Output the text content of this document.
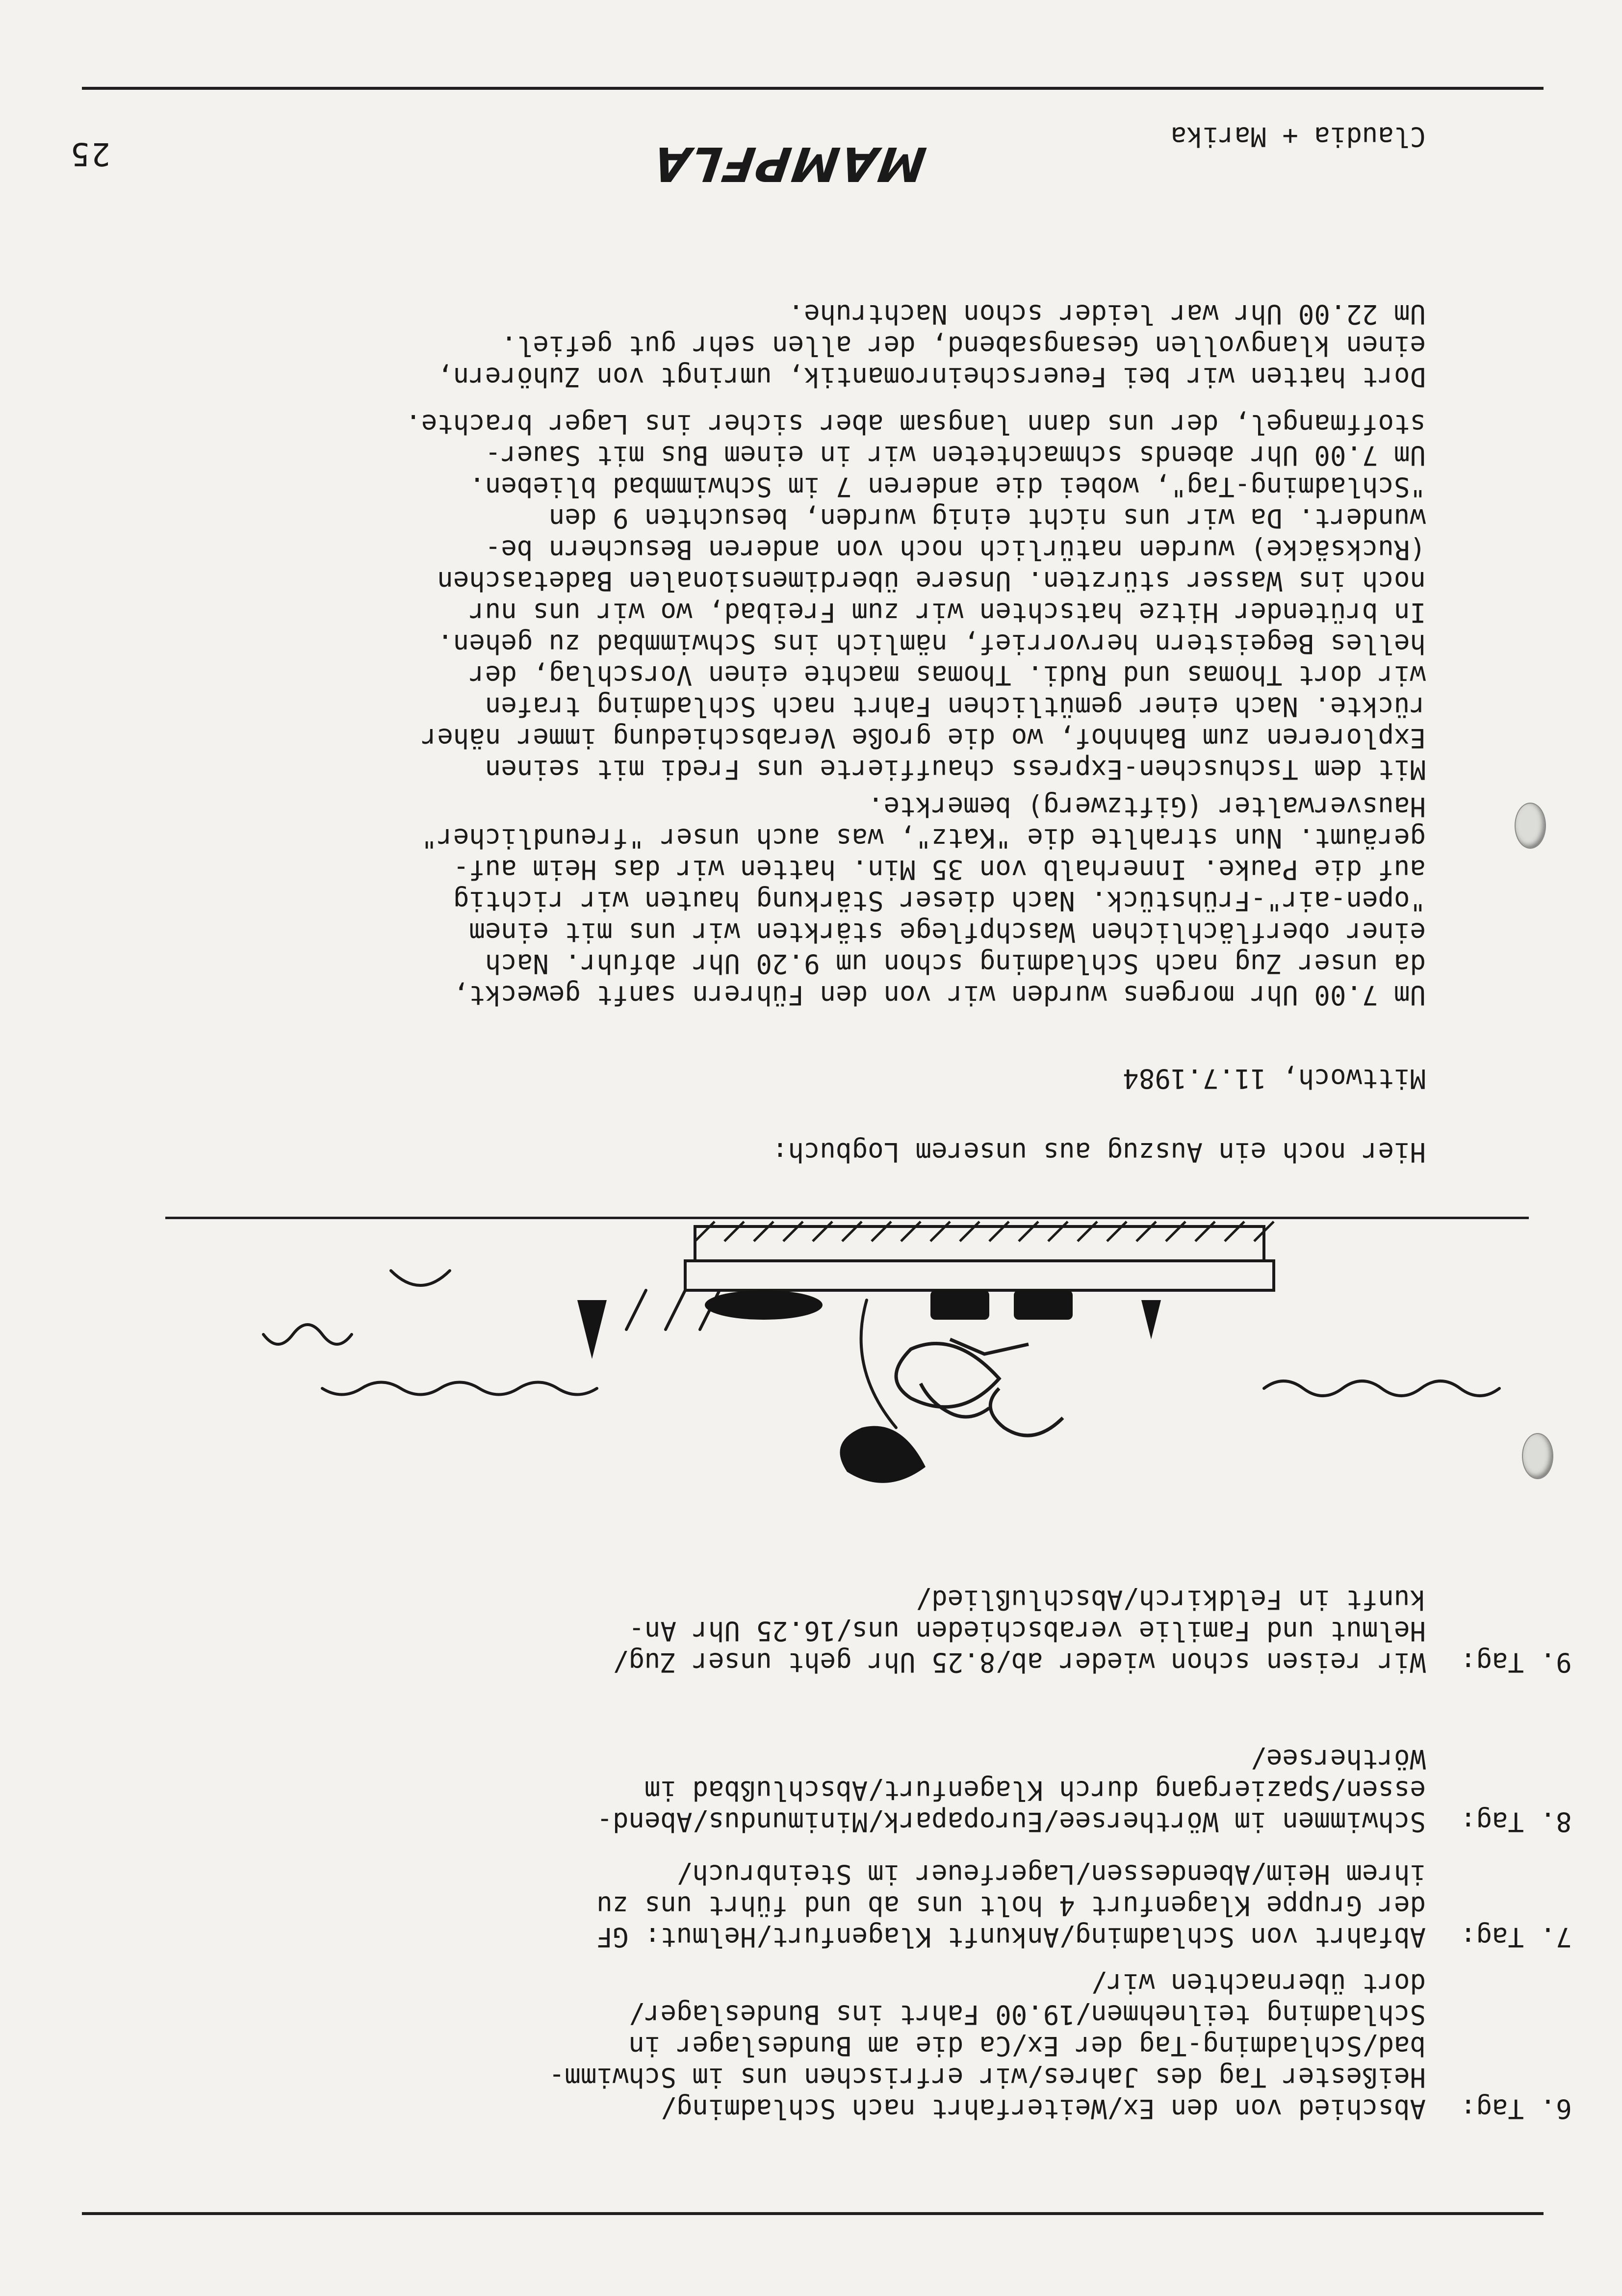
25	MAMPFLA
6. Tag:
Abschied von den Ex/Weiterfahrt nach Schladming/
Heißester Tag des Jahres/wir erfrischen uns im Schwimm-
bad/Schladming-Tag der Ex/Ca die am Bundeslager in
Schladming teilnehmen/19.00 Fahrt ins Bundeslager/
dort übernachten wir/
7. Tag:
Abfahrt von Schladming/Ankunft Klagenfurt/Helmut: GF
der Gruppe Klagenfurt 4 holt uns ab und führt uns zu
ihrem Heim/Abendessen/Lagerfeuer im Steinbruch/
8. Tag:
Schwimmen im Wörthersee/Europapark/Minimundus/Abend-
essen/Spaziergang durch Klagenfurt/Abschlußbad im
Wörthersee/
9. Tag:
Wir reisen schon wieder ab/8.25 Uhr geht unser Zug/
Helmut und Familie verabschieden uns/16.25 Uhr An-
kunft in Feldkirch/Abschlußlied/
Hier noch ein Auszug aus unserem Logbuch:
Mittwoch, 11.7.1984
Um 7.00 Uhr morgens wurden wir von den Führern sanft geweckt,
da unser Zug nach Schladming schon um 9.20 Uhr abfuhr. Nach
einer oberflächlichen Waschpflege stärkten wir uns mit einem
"open-air"-Frühstück. Nach dieser Stärkung hauten wir richtig
auf die Pauke. Innerhalb von 35 Min. hatten wir das Heim auf-
geräumt. Nun strahlte die "Katz", was auch unser "freundlicher"
Hausverwalter (Giftzwerg) bemerkte.
Mit dem Tschuschen-Express chauffierte uns Fredi mit seinen
Exploreren zum Bahnhof, wo die große Verabschiedung immer näher
rückte. Nach einer gemütlichen Fahrt nach Schladming trafen
wir dort Thomas und Rudi. Thomas machte einen Vorschlag, der
helles Begeistern hervorrief, nämlich ins Schwimmbad zu gehen.
In brütender Hitze hatschten wir zum Freibad, wo wir uns nur
noch ins Wasser stürzten. Unsere überdimensionalen Badetaschen
(Rucksäcke) wurden natürlich noch von anderen Besuchern be-
wundert. Da wir uns nicht einig wurden, besuchten 9 den
"Schladming-Tag", wobei die anderen 7 im Schwimmbad blieben.
Um 7.00 Uhr abends schmachteten wir in einem Bus mit Sauer-
stoffmangel, der uns dann langsam aber sicher ins Lager brachte.
Dort hatten wir bei Feuerscheinromantik, umringt von Zuhörern,
einen klangvollen Gesangsabend, der allen sehr gut gefiel.
Um 22.00 Uhr war leider schon Nachtruhe.
Claudia + Marika
